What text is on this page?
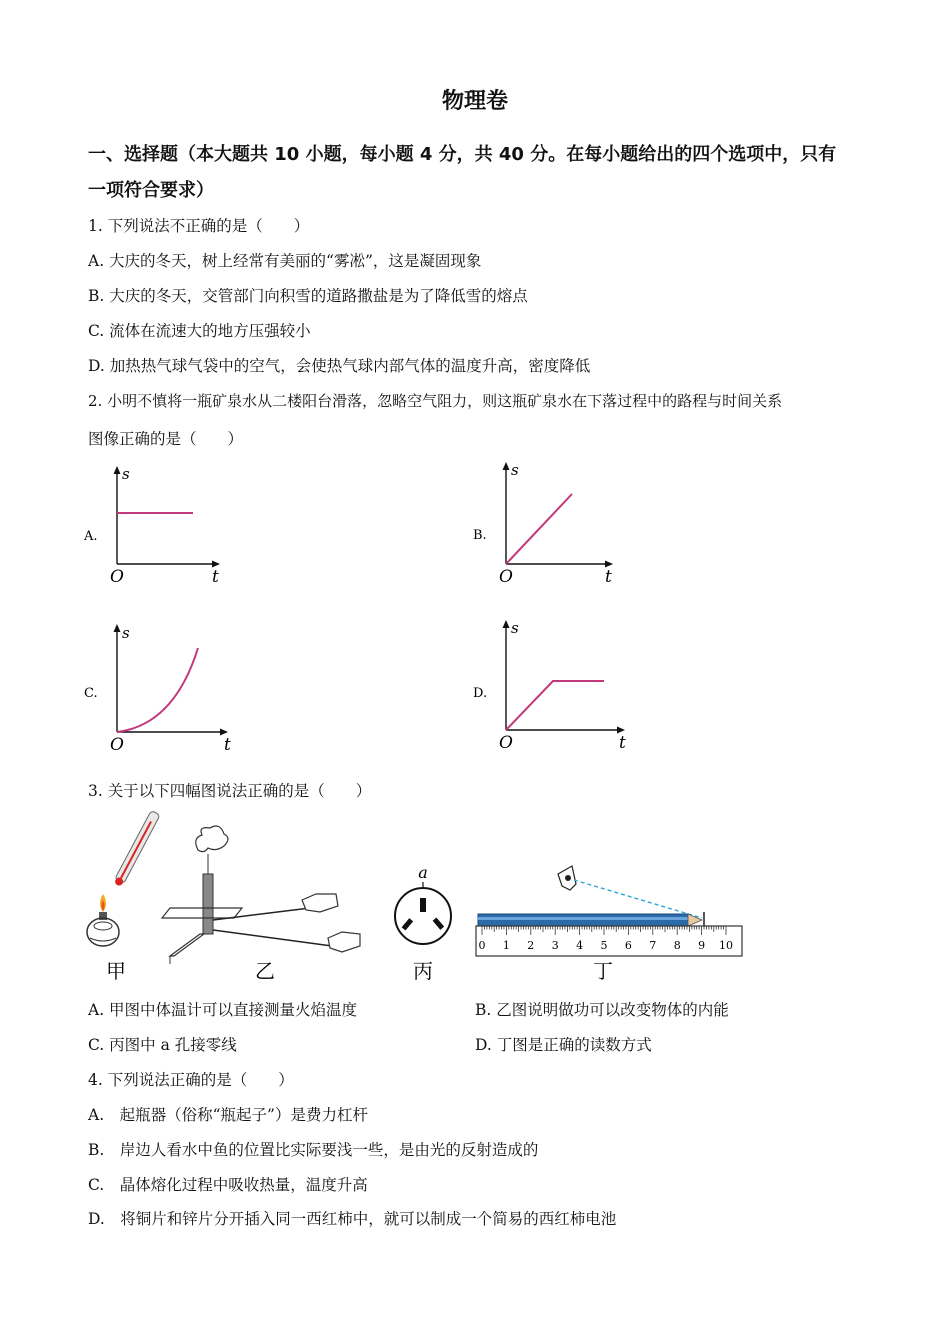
物理卷
一、选择题（本大题共 10 小题，每小题 4 分，共 40 分。在每小题给出的四个选项中，只有
一项符合要求）
1. 下列说法不正确的是（　　）
A. 大庆的冬天，树上经常有美丽的“雾凇”，这是凝固现象
B. 大庆的冬天，交管部门向积雪的道路撒盐是为了降低雪的熔点
C. 流体在流速大的地方压强较小
D. 加热热气球气袋中的空气，会使热气球内部气体的温度升高，密度降低
2. 小明不慎将一瓶矿泉水从二楼阳台滑落，忽略空气阻力，则这瓶矿泉水在下落过程中的路程与时间关系
图像正确的是（　　）
A.
s
t
O
B.
s
t
O
C.
s
t
O
D.
s
t
O
3. 关于以下四幅图说法正确的是（　　）
甲	乙
a
丙
0 1 2 3 4 5 6 7 8 9 10
丁
A. 甲图中体温计可以直接测量火焰温度	B. 乙图说明做功可以改变物体的内能
C. 丙图中 a 孔接零线	D. 丁图是正确的读数方式
4. 下列说法正确的是（　　）
A.　起瓶器（俗称“瓶起子”）是费力杠杆
B.　岸边人看水中鱼的位置比实际要浅一些，是由光的反射造成的
C.　晶体熔化过程中吸收热量，温度升高
D.　将铜片和锌片分开插入同一西红柿中，就可以制成一个简易的西红柿电池
